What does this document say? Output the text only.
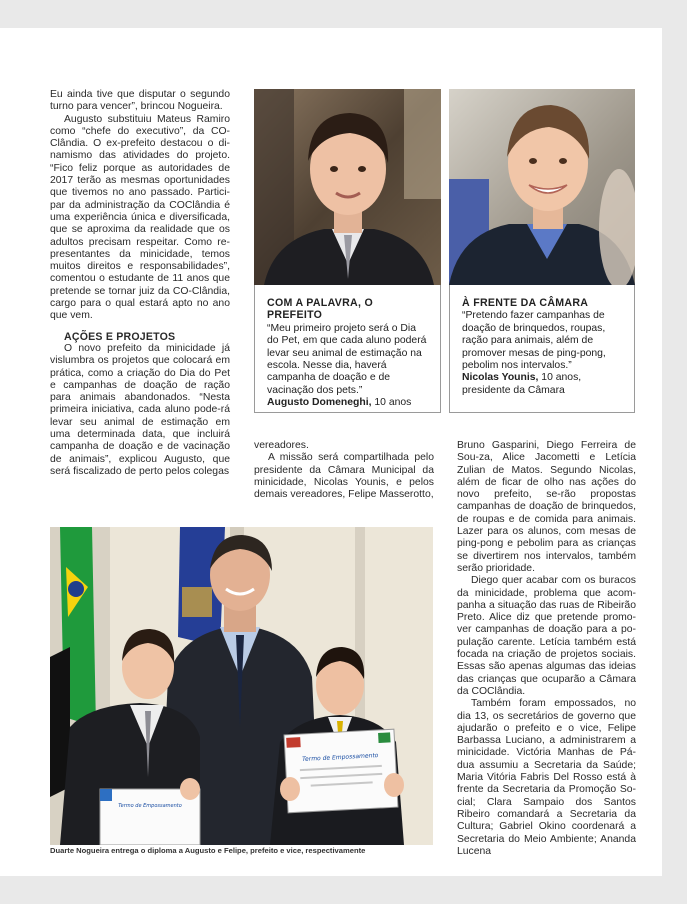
Eu ainda tive que disputar o segundo turno para vencer”, brincou Nogueira.

Augusto substituiu Mateus Ramiro como “chefe do executivo”, da CO-Clândia. O ex-prefeito destacou o di-namismo das atividades do projeto. “Fico feliz porque as autoridades de 2017 terão as mesmas oportunidades que tivemos no ano passado. Partici-par da administração da COClândia é uma experiência única e diversificada, que se aproxima da realidade que os adultos precisam respeitar. Como re-presentantes da minicidade, temos muitos direitos e responsabilidades”, comentou o estudante de 11 anos que pretende se tornar juiz da CO-Clândia, cargo para o qual estará apto no ano que vem.

AÇÕES E PROJETOS

O novo prefeito da minicidade já vislumbra os projetos que colocará em prática, como a criação do Dia do Pet e campanhas de doação de ração para animais abandonados. “Nesta primeira iniciativa, cada aluno pode-rá levar seu animal de estimação em uma determinada data, que incluirá campanha de doação e de vacinação de animais”, explicou Augusto, que será fiscalizado de perto pelos colegas

COM A PALAVRA, O PREFEITO
“Meu primeiro projeto será o Dia do Pet, em que cada aluno poderá levar seu animal de estimação na escola. Nesse dia, haverá campanha de doação e de vacinação dos pets.”
Augusto Domeneghi, 10 anos
À FRENTE DA CÂMARA
“Pretendo fazer campanhas de doação de brinquedos, roupas, ração para animais, além de promover mesas de ping-pong, pebolim nos intervalos.”
Nicolas Younis, 10 anos, presidente da Câmara

vereadores.

A missão será compartilhada pelo presidente da Câmara Municipal da minicidade, Nicolas Younis, e pelos demais vereadores, Felipe Masserotto,

Bruno Gasparini, Diego Ferreira de Sou-za, Alice Jacometti e Letícia Zulian de Matos. Segundo Nicolas, além de ficar de olho nas ações do novo prefeito, se-rão propostas campanhas de doação de brinquedos, de roupas e de comida para animais. Lazer para os alunos, com mesas de ping-pong e pebolim para as crianças se divertirem nos intervalos, também serão prioridade.

Diego quer acabar com os buracos da minicidade, problema que acom-panha a situação das ruas de Ribeirão Preto. Alice diz que pretende promo-ver campanhas de doação para a po-pulação carente. Letícia também está focada na criação de projetos sociais. Essas são apenas algumas das ideias das crianças que ocuparão a Câmara da COClândia.

Também foram empossados, no dia 13, os secretários de governo que ajudarão o prefeito e o vice, Felipe Barbassa Luciano, a administrarem a minicidade. Victória Manhas de Pá-dua assumiu a Secretaria da Saúde; Maria Vitória Fabris Del Rosso está à frente da Secretaria da Promoção So-cial; Clara Sampaio dos Santos Ribeiro comandará a Secretaria da Cultura; Gabriel Okino coordenará a Secretaria do Meio Ambiente; Ananda Lucena

Termo de Empossamento
Termo de Empossamento
Duarte Nogueira entrega o diploma a Augusto e Felipe, prefeito e vice, respectivamente
